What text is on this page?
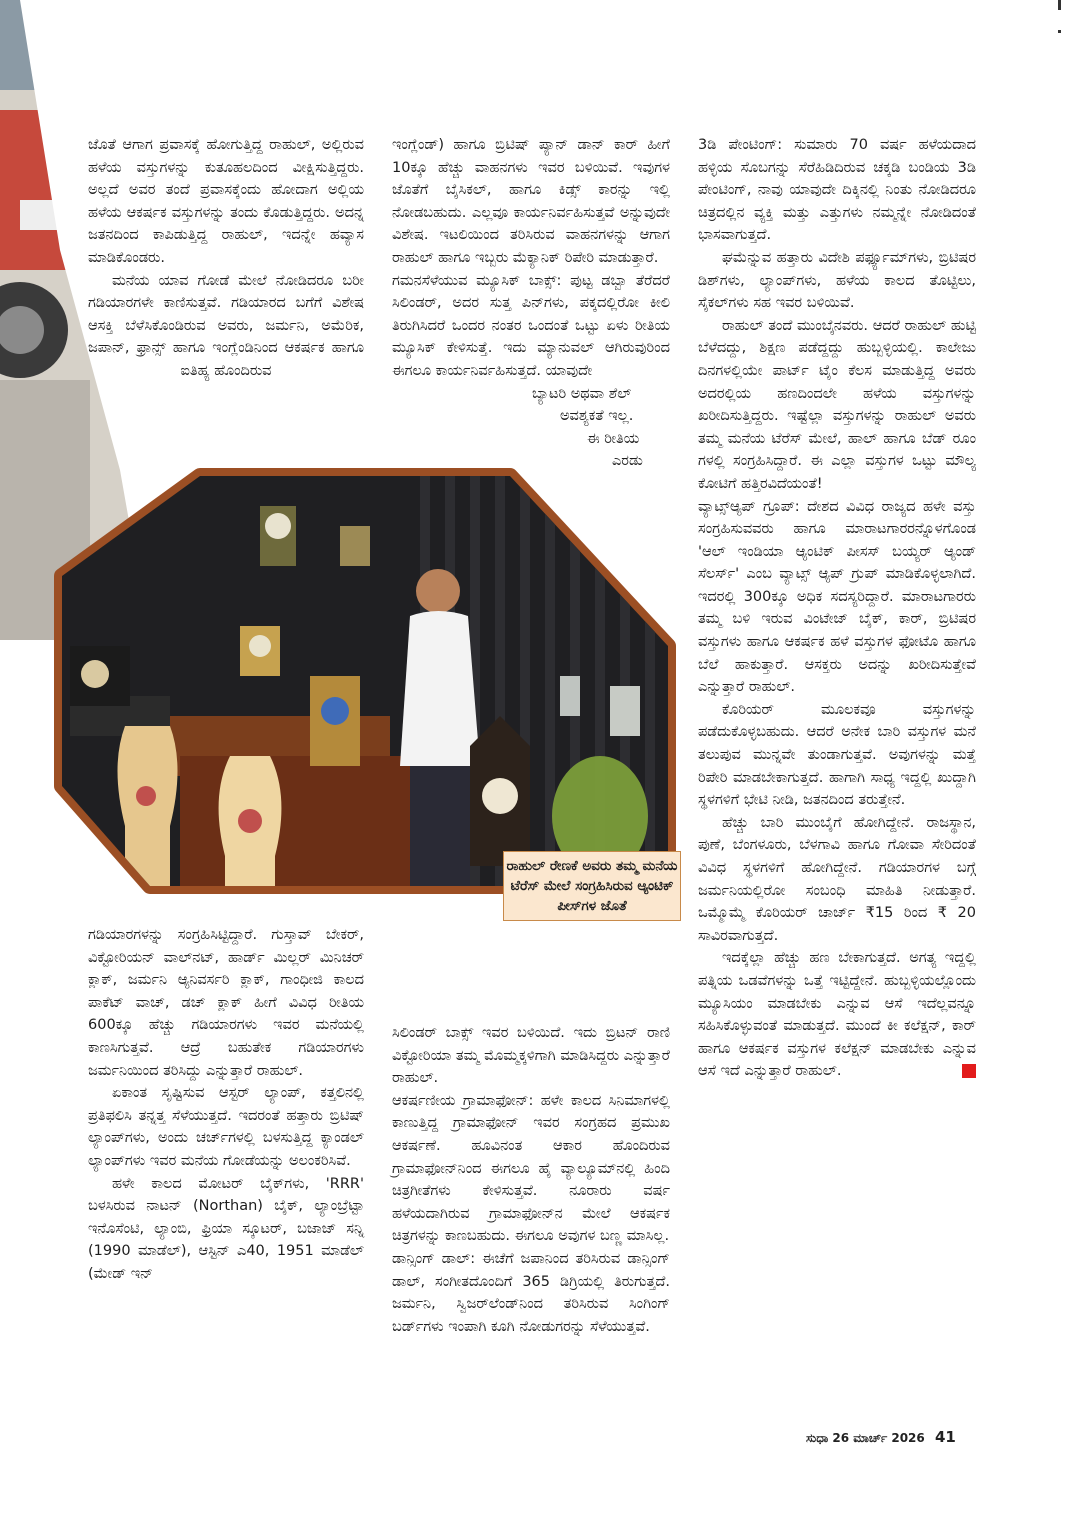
ಜೊತೆ ಆಗಾಗ ಪ್ರವಾಸಕ್ಕೆ ಹೋಗುತ್ತಿದ್ದ ರಾಹುಲ್, ಅಲ್ಲಿರುವ ಹಳೆಯ ವಸ್ತುಗಳನ್ನು ಕುತೂಹಲದಿಂದ ವೀಕ್ಷಿಸುತ್ತಿದ್ದರು. ಅಲ್ಲದೆ ಅವರ ತಂದೆ ಪ್ರವಾಸಕ್ಕೆಂದು ಹೋದಾಗ ಅಲ್ಲಿಯ ಹಳೆಯ ಆಕರ್ಷಕ ವಸ್ತುಗಳನ್ನು ತಂದು ಕೊಡುತ್ತಿದ್ದರು. ಅದನ್ನ ಜತನದಿಂದ ಕಾಪಿಡುತ್ತಿದ್ದ ರಾಹುಲ್, ಇದನ್ನೇ ಹವ್ಯಾಸ ಮಾಡಿಕೊಂಡರು.

ಮನೆಯ ಯಾವ ಗೋಡೆ ಮೇಲೆ ನೋಡಿದರೂ ಬರೀ ಗಡಿಯಾರಗಳೇ ಕಾಣಿಸುತ್ತವೆ. ಗಡಿಯಾರದ ಬಗೆಗೆ ವಿಶೇಷ ಆಸಕ್ತಿ ಬೆಳೆಸಿಕೊಂಡಿರುವ ಅವರು, ಜರ್ಮನಿ, ಅಮೆರಿಕ, ಜಪಾನ್, ಫ್ರಾನ್ಸ್ ಹಾಗೂ ಇಂಗ್ಲೆಂಡಿನಿಂದ ಆಕರ್ಷಕ ಹಾಗೂ ಐತಿಹ್ಯ ಹೊಂದಿರುವ

ಇಂಗ್ಲೆಂಡ್) ಹಾಗೂ ಬ್ರಿಟಿಷ್ ಪ್ಯಾನ್ ಡಾನ್ ಕಾರ್ ಹೀಗೆ 10ಕ್ಕೂ ಹೆಚ್ಚು ವಾಹನಗಳು ಇವರ ಬಳಿಯಿವೆ. ಇವುಗಳ ಜೊತೆಗೆ ಬೈಸಿಕಲ್, ಹಾಗೂ ಕಿಡ್ಸ್ ಕಾರನ್ನು ಇಲ್ಲಿ ನೋಡಬಹುದು. ಎಲ್ಲವೂ ಕಾರ್ಯನಿರ್ವಹಿಸುತ್ತವೆ ಅನ್ನುವುದೇ ವಿಶೇಷ. ಇಟಲಿಯಿಂದ ತರಿಸಿರುವ ವಾಹನಗಳನ್ನು ಆಗಾಗ ರಾಹುಲ್ ಹಾಗೂ ಇಬ್ಬರು ಮೆಕ್ಯಾನಿಕ್ ರಿಪೇರಿ ಮಾಡುತ್ತಾರೆ.

ಗಮನಸೆಳೆಯುವ ಮ್ಯೂಸಿಕ್ ಬಾಕ್ಸ್: ಪುಟ್ಟ ಡಬ್ಬಾ ತೆರೆದರೆ ಸಿಲಿಂಡರ್, ಅದರ ಸುತ್ತ ಪಿನ್‌ಗಳು, ಪಕ್ಕದಲ್ಲಿರೋ ಕೀಲಿ ತಿರುಗಿಸಿದರೆ ಒಂದರ ನಂತರ ಒಂದಂತೆ ಒಟ್ಟು ಏಳು ರೀತಿಯ ಮ್ಯೂಸಿಕ್ ಕೇಳಿಸುತ್ತೆ. ಇದು ಮ್ಯಾನುವಲ್ ಆಗಿರುವುರಿಂದ ಈಗಲೂ ಕಾರ್ಯನಿರ್ವಹಿಸುತ್ತದೆ. ಯಾವುದೇ

ಬ್ಯಾಟರಿ ಅಥವಾ ಶೆಲ್

ಅವಶ್ಯಕತೆ ಇಲ್ಲ.

ಈ ರೀತಿಯ

ಎರಡು

ರಾಹುಲ್ ರೇಣಕೆ ಅವರು ತಮ್ಮ ಮನೆಯ ಟೆರೆಸ್ ಮೇಲೆ ಸಂಗ್ರಹಿಸಿರುವ ಆ್ಯಂಟಿಕ್ ಪೀಸ್‌ಗಳ ಜೊತೆ

ಗಡಿಯಾರಗಳನ್ನು ಸಂಗ್ರಹಿಸಿಟ್ಟಿದ್ದಾರೆ. ಗುಸ್ತಾವ್ ಬೇಕರ್, ವಿಕ್ಟೋರಿಯನ್ ವಾಲ್‌ನಟ್, ಹಾರ್ಡ್ ಮಿಲ್ಲರ್ ಮಿನಿಚರ್ ಕ್ಲಾಕ್, ಜರ್ಮನಿ ಆ್ಯನಿವರ್ಸರಿ ಕ್ಲಾಕ್, ಗಾಂಧೀಜಿ ಕಾಲದ ಪಾಕೆಟ್ ವಾಚ್, ಡಚ್ ಕ್ಲಾಕ್ ಹೀಗೆ ವಿವಿಧ ರೀತಿಯ 600ಕ್ಕೂ ಹೆಚ್ಚು ಗಡಿಯಾರಗಳು ಇವರ ಮನೆಯಲ್ಲಿ ಕಾಣಸಿಗುತ್ತವೆ. ಆದ್ರೆ ಬಹುತೇಕ ಗಡಿಯಾರಗಳು ಜರ್ಮನಿಯಿಂದ ತರಿಸಿದ್ದು ಎನ್ನುತ್ತಾರೆ ರಾಹುಲ್.

ಏಕಾಂತ ಸೃಷ್ಟಿಸುವ ಆಸ್ಟರ್ ಲ್ಯಾಂಪ್, ಕತ್ತಲಿನಲ್ಲಿ ಪ್ರತಿಫಲಿಸಿ ತನ್ನತ್ತ ಸೆಳೆಯುತ್ತದೆ. ಇದರಂತೆ ಹತ್ತಾರು ಬ್ರಿಟಿಷ್ ಲ್ಯಾಂಪ್‌ಗಳು, ಅಂದು ಚರ್ಚ್‌ಗಳಲ್ಲಿ ಬಳಸುತ್ತಿದ್ದ ಕ್ಯಾಂಡಲ್ ಲ್ಯಾಂಪ್‌ಗಳು ಇವರ ಮನೆಯ ಗೋಡೆಯನ್ನು ಅಲಂಕರಿಸಿವೆ.

ಹಳೇ ಕಾಲದ ಮೋಟರ್ ಬೈಕ್‌ಗಳು, 'RRR' ಬಳಸಿರುವ ನಾಟನ್ (Northan) ಬೈಕ್, ಲ್ಯಾಂಬ್ರೆಟ್ಟಾ ಇನೊಸೆಂಟಿ, ಲ್ಯಾಂಬಿ, ಫ್ರಿಯಾ ಸ್ಕೂಟರ್, ಬಜಾಜ್ ಸನ್ನಿ (1990 ಮಾಡೆಲ್), ಆಸ್ಟಿನ್ ಎ40, 1951 ಮಾಡೆಲ್ (ಮೇಡ್ ಇನ್

ಸಿಲಿಂಡರ್ ಬಾಕ್ಸ್ ಇವರ ಬಳಿಯಿದೆ. ಇದು ಬ್ರಿಟನ್ ರಾಣಿ ವಿಕ್ಟೋರಿಯಾ ತಮ್ಮ ಮೊಮ್ಮಕ್ಕಳಿಗಾಗಿ ಮಾಡಿಸಿದ್ದರು ಎನ್ನುತ್ತಾರೆ ರಾಹುಲ್.

ಆಕರ್ಷಣೀಯ ಗ್ರಾಮಾಫೋನ್: ಹಳೇ ಕಾಲದ ಸಿನಿಮಾಗಳಲ್ಲಿ ಕಾಣುತ್ತಿದ್ದ ಗ್ರಾಮಾಫೋನ್ ಇವರ ಸಂಗ್ರಹದ ಪ್ರಮುಖ ಆಕರ್ಷಣೆ. ಹೂವಿನಂತ ಆಕಾರ ಹೊಂದಿರುವ ಗ್ರಾಮಾಫೋನ್‌ನಿಂದ ಈಗಲೂ ಹೈ ವ್ಯಾಲ್ಯೂಮ್‌ನಲ್ಲಿ ಹಿಂದಿ ಚಿತ್ರಗೀತೆಗಳು ಕೇಳಿಸುತ್ತವೆ. ನೂರಾರು ವರ್ಷ ಹಳೆಯದಾಗಿರುವ ಗ್ರಾಮಾಫೋನ್‌ನ ಮೇಲೆ ಆಕರ್ಷಕ ಚಿತ್ರಗಳನ್ನು ಕಾಣಬಹುದು. ಈಗಲೂ ಅವುಗಳ ಬಣ್ಣ ಮಾಸಿಲ್ಲ.

ಡಾನ್ಸಿಂಗ್ ಡಾಲ್: ಈಚೆಗೆ ಜಪಾನಿಂದ ತರಿಸಿರುವ ಡಾನ್ಸಿಂಗ್ ಡಾಲ್, ಸಂಗೀತದೊಂದಿಗೆ 365 ಡಿಗ್ರಿಯಲ್ಲಿ ತಿರುಗುತ್ತದೆ. ಜರ್ಮನಿ, ಸ್ವಿಜರ್‌ಲೆಂಡ್‌ನಿಂದ ತರಿಸಿರುವ ಸಿಂಗಿಂಗ್ ಬರ್ಡ್‌ಗಳು ಇಂಪಾಗಿ ಕೂಗಿ ನೋಡುಗರನ್ನು ಸೆಳೆಯುತ್ತವೆ.

3ಡಿ ಪೇಂಟಿಂಗ್: ಸುಮಾರು 70 ವರ್ಷ ಹಳೆಯದಾದ ಹಳ್ಳಿಯ ಸೊಬಗನ್ನು ಸೆರೆಹಿಡಿದಿರುವ ಚಕ್ಕಡಿ ಬಂಡಿಯ 3ಡಿ ಪೇಂಟಿಂಗ್, ನಾವು ಯಾವುದೇ ದಿಕ್ಕಿನಲ್ಲಿ ನಿಂತು ನೋಡಿದರೂ ಚಿತ್ರದಲ್ಲಿನ ವ್ಯಕ್ತಿ ಮತ್ತು ಎತ್ತುಗಳು ನಮ್ಮನ್ನೇ ನೋಡಿದಂತೆ ಭಾಸವಾಗುತ್ತದೆ.

ಘಮೆನ್ನುವ ಹತ್ತಾರು ವಿದೇಶಿ ಪರ್ಫ್ಯೂಮ್‌ಗಳು, ಬ್ರಿಟಿಷರ ಡಿಶ್‌ಗಳು, ಲ್ಯಾಂಪ್‌ಗಳು, ಹಳೆಯ ಕಾಲದ ತೊಟ್ಟಿಲು, ಸೈಕಲ್‌ಗಳು ಸಹ ಇವರ ಬಳಿಯಿವೆ.

ರಾಹುಲ್ ತಂದೆ ಮುಂಬೈನವರು. ಆದರೆ ರಾಹುಲ್ ಹುಟ್ಟಿ ಬೆಳೆದದ್ದು, ಶಿಕ್ಷಣ ಪಡೆದ್ದದ್ದು ಹುಬ್ಬಳ್ಳಿಯಲ್ಲಿ. ಕಾಲೇಜು ದಿನಗಳಲ್ಲಿಯೇ ಪಾರ್ಟ್ ಟೈಂ ಕೆಲಸ ಮಾಡುತ್ತಿದ್ದ ಅವರು ಅದರಲ್ಲಿಯ ಹಣದಿಂದಲೇ ಹಳೆಯ ವಸ್ತುಗಳನ್ನು ಖರೀದಿಸುತ್ತಿದ್ದರು. ಇಷ್ಟೆಲ್ಲಾ ವಸ್ತುಗಳನ್ನು ರಾಹುಲ್ ಅವರು ತಮ್ಮ ಮನೆಯ ಟೆರೆಸ್ ಮೇಲೆ, ಹಾಲ್ ಹಾಗೂ ಬೆಡ್ ರೂಂ ಗಳಲ್ಲಿ ಸಂಗ್ರಹಿಸಿದ್ದಾರೆ. ಈ ಎಲ್ಲಾ ವಸ್ತುಗಳ ಒಟ್ಟು ಮೌಲ್ಯ ಕೋಟಿಗೆ ಹತ್ತಿರವಿದೆಯಂತೆ!

ವ್ಯಾಟ್ಸ್‌ಆ್ಯಪ್ ಗ್ರೂಪ್: ದೇಶದ ವಿವಿಧ ರಾಜ್ಯದ ಹಳೇ ವಸ್ತು ಸಂಗ್ರಹಿಸುವವರು ಹಾಗೂ ಮಾರಾಟಗಾರರನ್ನೊಳಗೊಂಡ 'ಆಲ್ ಇಂಡಿಯಾ ಆ್ಯಂಟಿಕ್ ಪೀಸಸ್ ಬಯ್ಯರ್ ಆ್ಯಂಡ್ ಸೆಲರ್ಸ್' ಎಂಬ ವ್ಯಾಟ್ಸ್ ಆ್ಯಪ್ ಗ್ರುಪ್ ಮಾಡಿಕೊಳ್ಳಲಾಗಿದೆ. ಇದರಲ್ಲಿ 300ಕ್ಕೂ ಅಧಿಕ ಸದಸ್ಯರಿದ್ದಾರೆ. ಮಾರಾಟಗಾರರು ತಮ್ಮ ಬಳಿ ಇರುವ ವಿಂಟೇಜ್ ಬೈಕ್, ಕಾರ್, ಬ್ರಿಟಿಷರ ವಸ್ತುಗಳು ಹಾಗೂ ಆಕರ್ಷಕ ಹಳೆ ವಸ್ತುಗಳ ಫೋಟೊ ಹಾಗೂ ಬೆಲೆ ಹಾಕುತ್ತಾರೆ. ಆಸಕ್ತರು ಅದನ್ನು ಖರೀದಿಸುತ್ತೇವೆ ಎನ್ನುತ್ತಾರೆ ರಾಹುಲ್.

ಕೊರಿಯರ್ ಮೂಲಕವೂ ವಸ್ತುಗಳನ್ನು ಪಡೆದುಕೊಳ್ಳಬಹುದು. ಆದರೆ ಅನೇಕ ಬಾರಿ ವಸ್ತುಗಳ ಮನೆ ತಲುಪುವ ಮುನ್ನವೇ ತುಂಡಾಗುತ್ತವೆ. ಅವುಗಳನ್ನು ಮತ್ತೆ ರಿಪೇರಿ ಮಾಡಬೇಕಾಗುತ್ತದೆ. ಹಾಗಾಗಿ ಸಾಧ್ಯ ಇದ್ದಲ್ಲಿ ಖುದ್ದಾಗಿ ಸ್ಥಳಗಳಿಗೆ ಭೇಟಿ ನೀಡಿ, ಜತನದಿಂದ ತರುತ್ತೇನೆ.

ಹೆಚ್ಚು ಬಾರಿ ಮುಂಬೈಗೆ ಹೋಗಿದ್ದೇನೆ. ರಾಜಸ್ಥಾನ, ಪುಣೆ, ಬೆಂಗಳೂರು, ಬೆಳಗಾವಿ ಹಾಗೂ ಗೋವಾ ಸೇರಿದಂತೆ ವಿವಿಧ ಸ್ಥಳಗಳಿಗೆ ಹೋಗಿದ್ದೇನೆ. ಗಡಿಯಾರಗಳ ಬಗ್ಗೆ ಜರ್ಮನಿಯಲ್ಲಿರೋ ಸಂಬಂಧಿ ಮಾಹಿತಿ ನೀಡುತ್ತಾರೆ. ಒಮ್ಮೊಮ್ಮೆ ಕೊರಿಯರ್ ಚಾರ್ಜ್ ₹15 ರಿಂದ ₹ 20 ಸಾವಿರವಾಗುತ್ತದೆ.

ಇದಕ್ಕೆಲ್ಲಾ ಹೆಚ್ಚು ಹಣ ಬೇಕಾಗುತ್ತದೆ. ಅಗತ್ಯ ಇದ್ದಲ್ಲಿ ಪತ್ನಿಯ ಒಡವೆಗಳನ್ನು ಒತ್ತೆ ಇಟ್ಟಿದ್ದೇನೆ. ಹುಬ್ಬಳ್ಳಿಯಲ್ಲೊಂದು ಮ್ಯೂಸಿಯಂ ಮಾಡಬೇಕು ಎನ್ನುವ ಆಸೆ ಇದೆಲ್ಲವನ್ನೂ ಸಹಿಸಿಕೊಳ್ಳುವಂತೆ ಮಾಡುತ್ತದೆ. ಮುಂದೆ ಕೀ ಕಲೆಕ್ಷನ್, ಕಾರ್ ಹಾಗೂ ಆಕರ್ಷಕ ವಸ್ತುಗಳ ಕಲೆಕ್ಷನ್ ಮಾಡಬೇಕು ಎನ್ನುವ ಆಸೆ ಇದೆ ಎನ್ನುತ್ತಾರೆ ರಾಹುಲ್.

ಸುಧಾ 26 ಮಾರ್ಚ್ 2026 41
